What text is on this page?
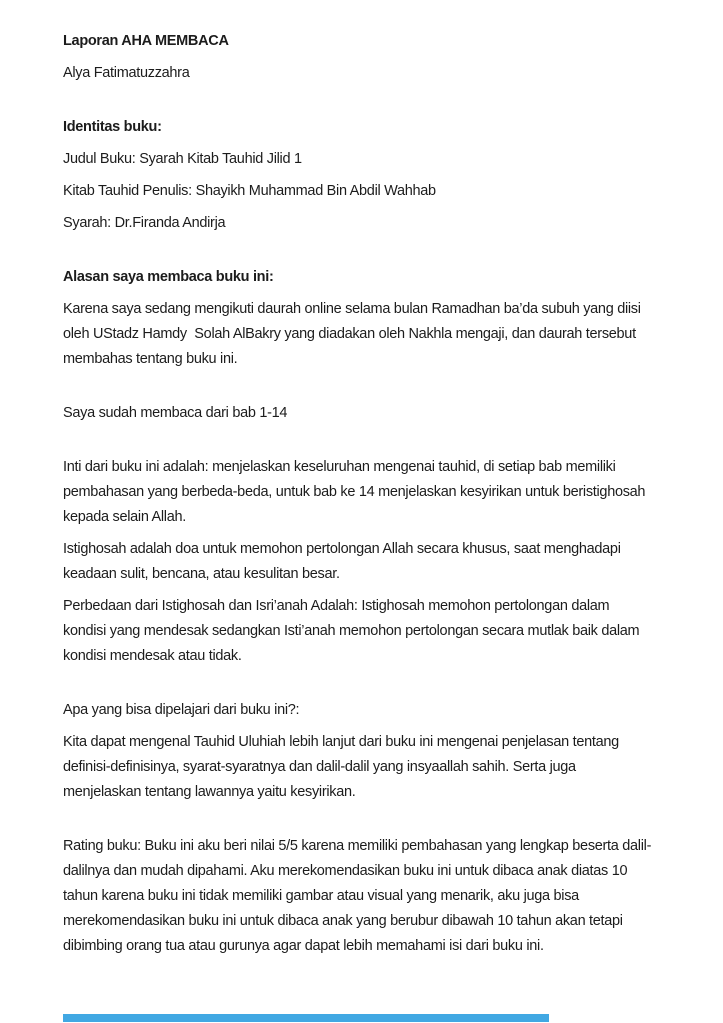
Laporan AHA MEMBACA

Alya Fatimatuzzahra

Identitas buku:

Judul Buku: Syarah Kitab Tauhid Jilid 1

Kitab Tauhid Penulis: Shayikh Muhammad Bin Abdil Wahhab

Syarah: Dr.Firanda Andirja

Alasan saya membaca buku ini:

Karena saya sedang mengikuti daurah online selama bulan Ramadhan ba’da subuh yang diisi oleh UStadz Hamdy  Solah AlBakry yang diadakan oleh Nakhla mengaji, dan daurah tersebut membahas tentang buku ini.

Saya sudah membaca dari bab 1-14

Inti dari buku ini adalah: menjelaskan keseluruhan mengenai tauhid, di setiap bab memiliki pembahasan yang berbeda-beda, untuk bab ke 14 menjelaskan kesyirikan untuk beristighosah kepada selain Allah.

Istighosah adalah doa untuk memohon pertolongan Allah secara khusus, saat menghadapi keadaan sulit, bencana, atau kesulitan besar.

Perbedaan dari Istighosah dan Isri’anah Adalah: Istighosah memohon pertolongan dalam kondisi yang mendesak sedangkan Isti’anah memohon pertolongan secara mutlak baik dalam kondisi mendesak atau tidak.

Apa yang bisa dipelajari dari buku ini?:

Kita dapat mengenal Tauhid Uluhiah lebih lanjut dari buku ini mengenai penjelasan tentang definisi-definisinya, syarat-syaratnya dan dalil-dalil yang insyaallah sahih. Serta juga menjelaskan tentang lawannya yaitu kesyirikan.

Rating buku: Buku ini aku beri nilai 5/5 karena memiliki pembahasan yang lengkap beserta dalil-dalilnya dan mudah dipahami. Aku merekomendasikan buku ini untuk dibaca anak diatas 10 tahun karena buku ini tidak memiliki gambar atau visual yang menarik, aku juga bisa merekomendasikan buku ini untuk dibaca anak yang berubur dibawah 10 tahun akan tetapi dibimbing orang tua atau gurunya agar dapat lebih memahami isi dari buku ini.
